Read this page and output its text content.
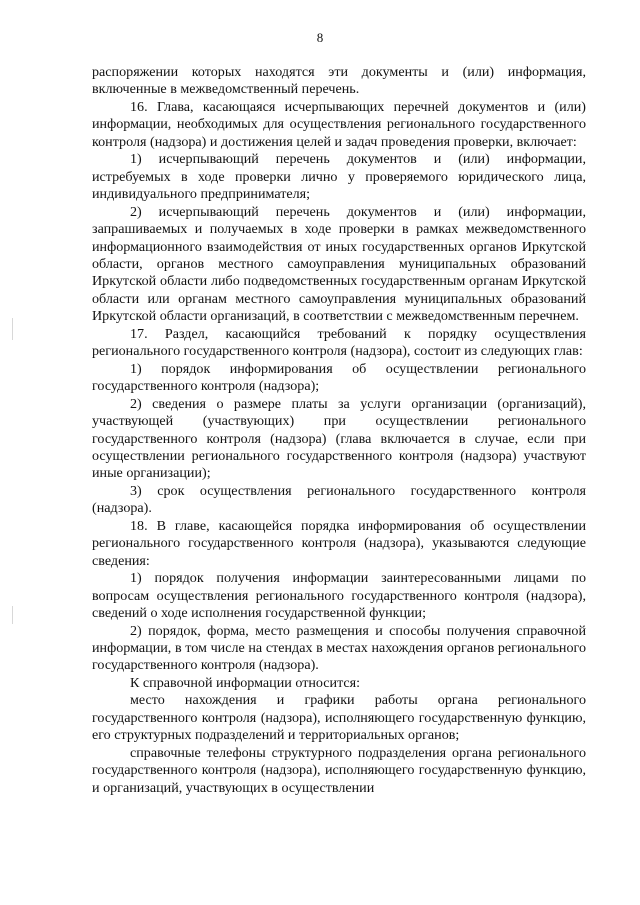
8

распоряжении которых находятся эти документы и (или) информация, включенные в межведомственный перечень.

16. Глава, касающаяся исчерпывающих перечней документов и (или) информации, необходимых для осуществления регионального государственного контроля (надзора) и достижения целей и задач проведения проверки, включает:

1) исчерпывающий перечень документов и (или) информации, истребуемых в ходе проверки лично у проверяемого юридического лица, индивидуального предпринимателя;

2) исчерпывающий перечень документов и (или) информации, запрашиваемых и получаемых в ходе проверки в рамках межведомственного информационного взаимодействия от иных государственных органов Иркутской области, органов местного самоуправления муниципальных образований Иркутской области либо подведомственных государственным органам Иркутской области или органам местного самоуправления муниципальных образований Иркутской области организаций, в соответствии с межведомственным перечнем.

17. Раздел, касающийся требований к порядку осуществления регионального государственного контроля (надзора), состоит из следующих глав:

1) порядок информирования об осуществлении регионального государственного контроля (надзора);

2) сведения о размере платы за услуги организации (организаций), участвующей (участвующих) при осуществлении регионального государственного контроля (надзора) (глава включается в случае, если при осуществлении регионального государственного контроля (надзора) участвуют иные организации);

3) срок осуществления регионального государственного контроля (надзора).

18. В главе, касающейся порядка информирования об осуществлении регионального государственного контроля (надзора), указываются следующие сведения:

1) порядок получения информации заинтересованными лицами по вопросам осуществления регионального государственного контроля (надзора), сведений о ходе исполнения государственной функции;

2) порядок, форма, место размещения и способы получения справочной информации, в том числе на стендах в местах нахождения органов регионального государственного контроля (надзора).

К справочной информации относится:

место нахождения и графики работы органа регионального государственного контроля (надзора), исполняющего государственную функцию, его структурных подразделений и территориальных органов;

справочные телефоны структурного подразделения органа регионального государственного контроля (надзора), исполняющего государственную функцию, и организаций, участвующих в осуществлении
